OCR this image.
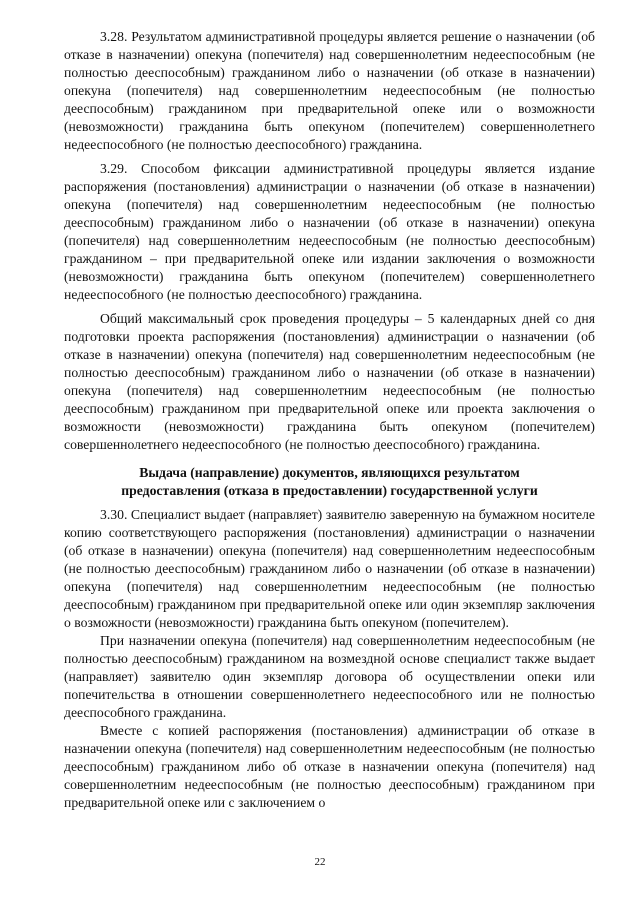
3.28. Результатом административной процедуры является решение о назначении (об отказе в назначении) опекуна (попечителя) над совершеннолетним недееспособным (не полностью дееспособным) гражданином либо о назначении (об отказе в назначении) опекуна (попечителя) над совершеннолетним недееспособным (не полностью дееспособным) гражданином при предварительной опеке или о возможности (невозможности) гражданина быть опекуном (попечителем) совершеннолетнего недееспособного (не полностью дееспособного) гражданина.

3.29. Способом фиксации административной процедуры является издание распоряжения (постановления) администрации о назначении (об отказе в назначении) опекуна (попечителя) над совершеннолетним недееспособным (не полностью дееспособным) гражданином либо о назначении (об отказе в назначении) опекуна (попечителя) над совершеннолетним недееспособным (не полностью дееспособным) гражданином – при предварительной опеке или издании заключения о возможности (невозможности) гражданина быть опекуном (попечителем) совершеннолетнего недееспособного (не полностью дееспособного) гражданина.

Общий максимальный срок проведения процедуры – 5 календарных дней со дня подготовки проекта распоряжения (постановления) администрации о назначении (об отказе в назначении) опекуна (попечителя) над совершеннолетним недееспособным (не полностью дееспособным) гражданином либо о назначении (об отказе в назначении) опекуна (попечителя) над совершеннолетним недееспособным (не полностью дееспособным) гражданином при предварительной опеке или проекта заключения о возможности (невозможности) гражданина быть опекуном (попечителем) совершеннолетнего недееспособного (не полностью дееспособного) гражданина.

Выдача (направление) документов, являющихся результатом
предоставления (отказа в предоставлении) государственной услуги

3.30. Специалист выдает (направляет) заявителю заверенную на бумажном носителе копию соответствующего распоряжения (постановления) администрации о назначении (об отказе в назначении) опекуна (попечителя) над совершеннолетним недееспособным (не полностью дееспособным) гражданином либо о назначении (об отказе в назначении) опекуна (попечителя) над совершеннолетним недееспособным (не полностью дееспособным) гражданином при предварительной опеке или один экземпляр заключения о возможности (невозможности) гражданина быть опекуном (попечителем).

При назначении опекуна (попечителя) над совершеннолетним недееспособным (не полностью дееспособным) гражданином на возмездной основе специалист также выдает (направляет) заявителю один экземпляр договора об осуществлении опеки или попечительства в отношении совершеннолетнего недееспособного или не полностью дееспособного гражданина.

Вместе с копией распоряжения (постановления) администрации об отказе в назначении опекуна (попечителя) над совершеннолетним недееспособным (не полностью дееспособным) гражданином либо об отказе в назначении опекуна (попечителя) над совершеннолетним недееспособным (не полностью дееспособным) гражданином при предварительной опеке или с заключением о

22
